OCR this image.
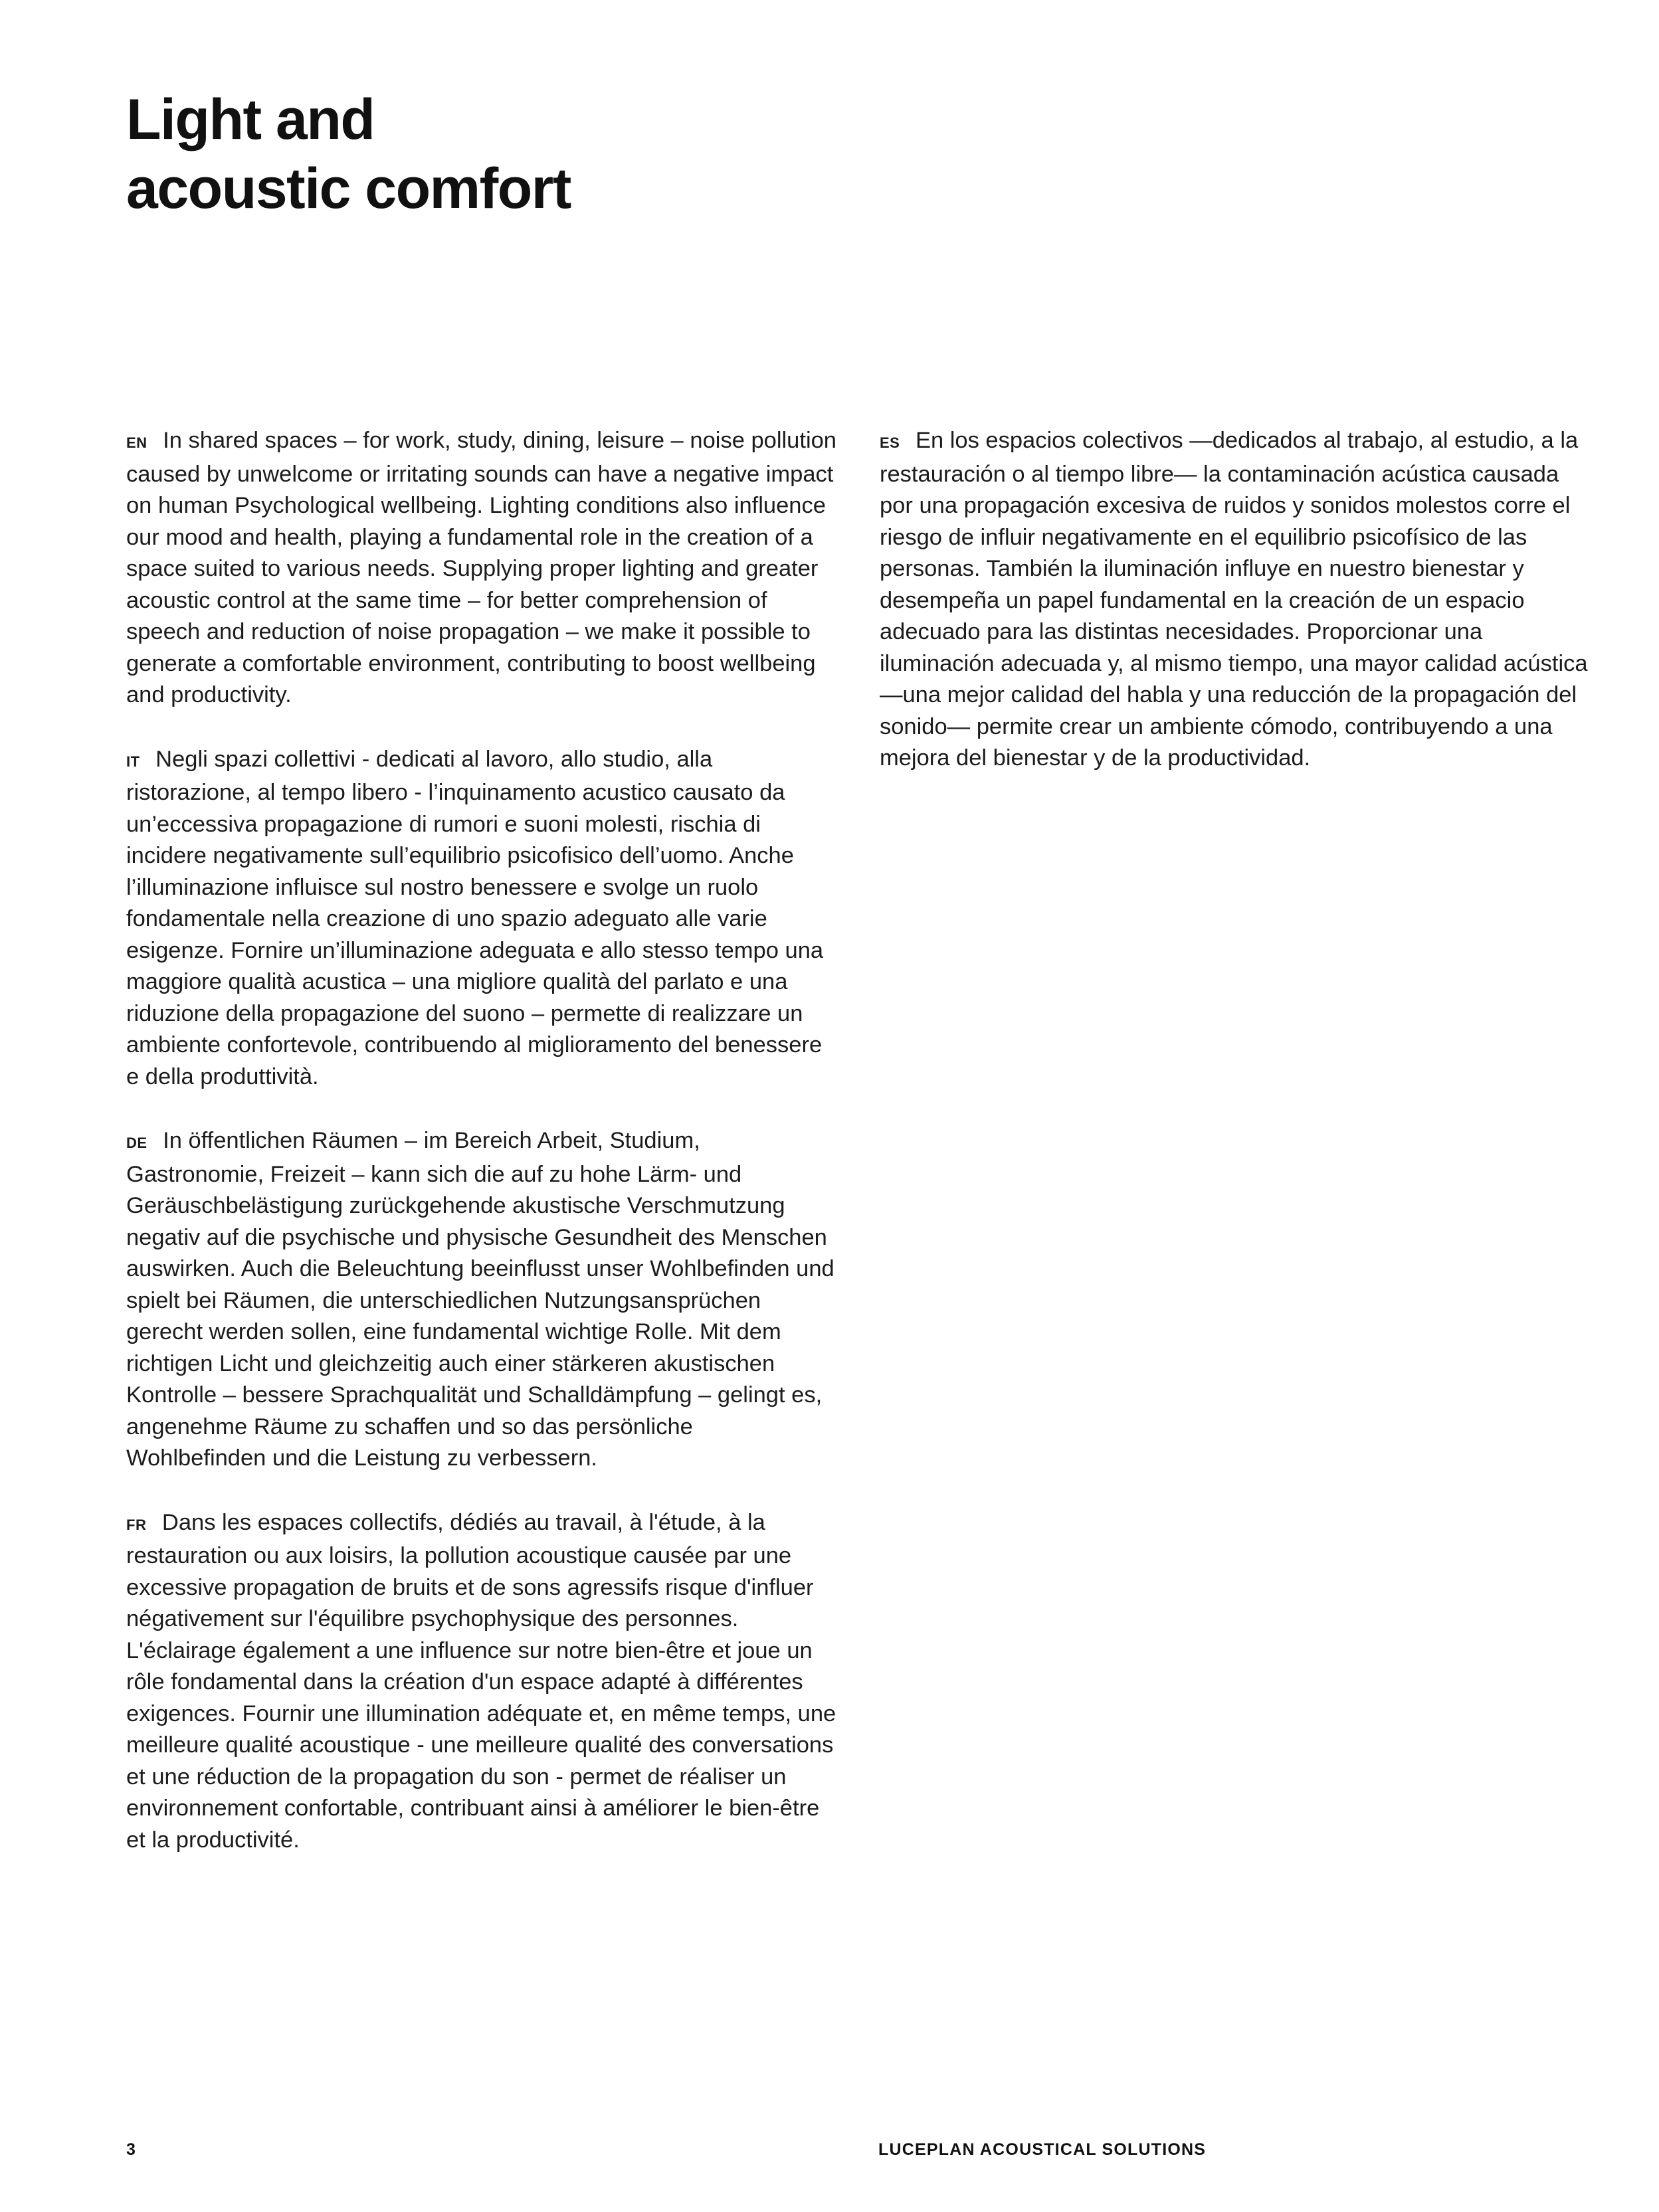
Light and
acoustic comfort

EN In shared spaces – for work, study, dining, leisure – noise pollution caused by unwelcome or irritating sounds can have a negative impact on human Psychological wellbeing. Lighting conditions also influence our mood and health, playing a fundamental role in the creation of a space suited to various needs. Supplying proper lighting and greater acoustic control at the same time – for better comprehension of speech and reduction of noise propagation – we make it possible to generate a comfortable environment, contributing to boost wellbeing and productivity.

IT Negli spazi collettivi - dedicati al lavoro, allo studio, alla ristorazione, al tempo libero - l’inquinamento acustico causato da un’eccessiva propagazione di rumori e suoni molesti, rischia di incidere negativamente sull’equilibrio psicofisico dell’uomo. Anche l’illuminazione influisce sul nostro benessere e svolge un ruolo fondamentale nella creazione di uno spazio adeguato alle varie esigenze. Fornire un’illuminazione adeguata e allo stesso tempo una maggiore qualità acustica – una migliore qualità del parlato e una riduzione della propagazione del suono – permette di realizzare un ambiente confortevole, contribuendo al miglioramento del benessere e della produttività.

DE In öffentlichen Räumen – im Bereich Arbeit, Studium, Gastronomie, Freizeit – kann sich die auf zu hohe Lärm- und Geräuschbelästigung zurückgehende akustische Verschmutzung negativ auf die psychische und physische Gesundheit des Menschen auswirken. Auch die Beleuchtung beeinflusst unser Wohlbefinden und spielt bei Räumen, die unterschiedlichen Nutzungsansprüchen gerecht werden sollen, eine fundamental wichtige Rolle. Mit dem richtigen Licht und gleichzeitig auch einer stärkeren akustischen Kontrolle – bessere Sprachqualität und Schalldämpfung – gelingt es, angenehme Räume zu schaffen und so das persönliche Wohlbefinden und die Leistung zu verbessern.

FR Dans les espaces collectifs, dédiés au travail, à l'étude, à la restauration ou aux loisirs, la pollution acoustique causée par une excessive propagation de bruits et de sons agressifs risque d'influer négativement sur l'équilibre psychophysique des personnes. L'éclairage également a une influence sur notre bien-être et joue un rôle fondamental dans la création d'un espace adapté à différentes exigences. Fournir une illumination adéquate et, en même temps, une meilleure qualité acoustique - une meilleure qualité des conversations et une réduction de la propagation du son - permet de réaliser un environnement confortable, contribuant ainsi à améliorer le bien-être et la productivité.

ES En los espacios colectivos —dedicados al trabajo, al estudio, a la restauración o al tiempo libre— la contaminación acústica causada por una propagación excesiva de ruidos y sonidos molestos corre el riesgo de influir negativamente en el equilibrio psicofísico de las personas. También la iluminación influye en nuestro bienestar y desempeña un papel fundamental en la creación de un espacio adecuado para las distintas necesidades. Proporcionar una iluminación adecuada y, al mismo tiempo, una mayor calidad acústica —una mejor calidad del habla y una reducción de la propagación del sonido— permite crear un ambiente cómodo, contribuyendo a una mejora del bienestar y de la productividad.

3	LUCEPLAN ACOUSTICAL SOLUTIONS
